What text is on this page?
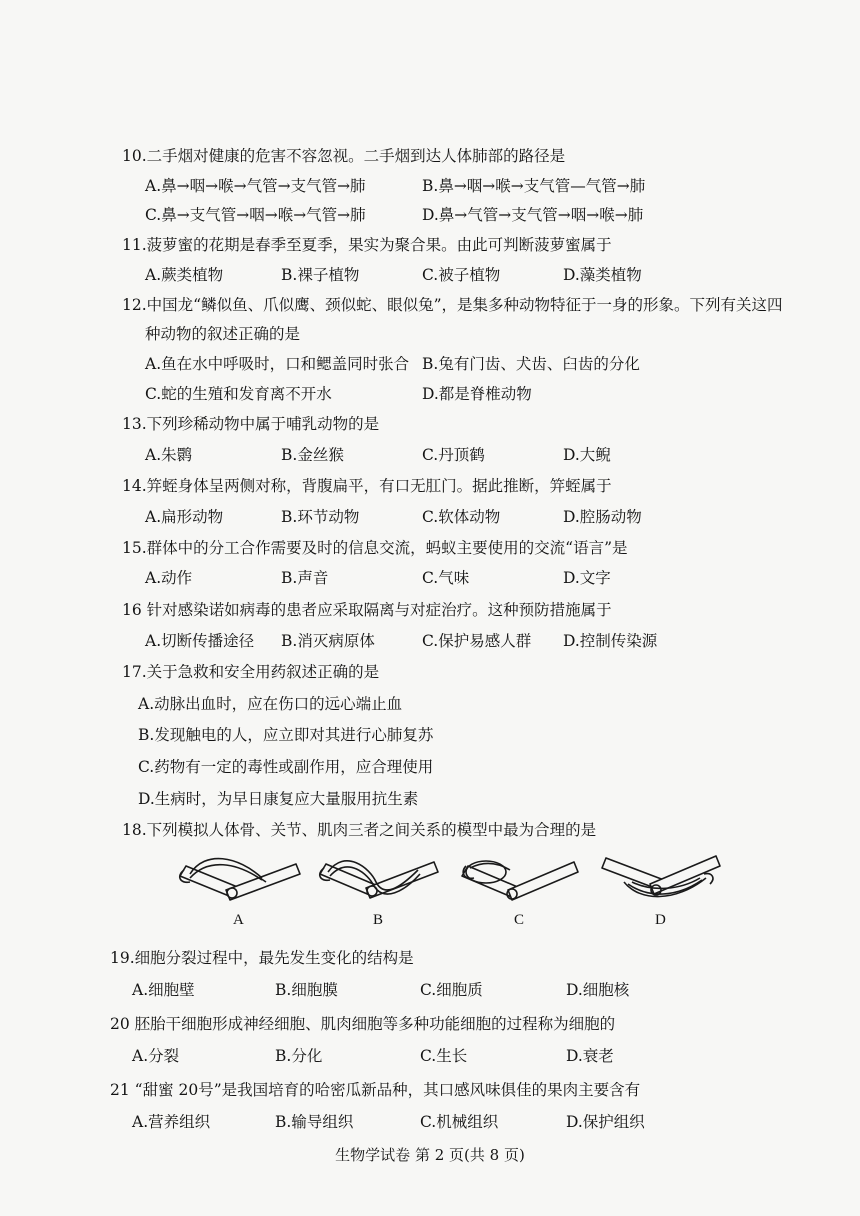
10.二手烟对健康的危害不容忽视。二手烟到达人体肺部的路径是
A.鼻→咽→喉→气管→支气管→肺	B.鼻→咽→喉→支气管—气管→肺
C.鼻→支气管→咽→喉→气管→肺	D.鼻→气管→支气管→咽→喉→肺
11.菠萝蜜的花期是春季至夏季，果实为聚合果。由此可判断菠萝蜜属于
A.蕨类植物	B.裸子植物	C.被子植物	D.藻类植物
12.中国龙“鳞似鱼、爪似鹰、颈似蛇、眼似兔”，是集多种动物特征于一身的形象。下列有关这四
种动物的叙述正确的是
A.鱼在水中呼吸时，口和鳃盖同时张合 B.兔有门齿、犬齿、臼齿的分化
C.蛇的生殖和发育离不开水	D.都是脊椎动物
13.下列珍稀动物中属于哺乳动物的是
A.朱鹮	B.金丝猴	C.丹顶鹤	D.大鲵
14.笄蛭身体呈两侧对称，背腹扁平，有口无肛门。据此推断，笄蛭属于
A.扁形动物	B.环节动物	C.软体动物	D.腔肠动物
15.群体中的分工合作需要及时的信息交流，蚂蚁主要使用的交流“语言”是
A.动作	B.声音	C.气味	D.文字
16 针对感染诺如病毒的患者应采取隔离与对症治疗。这种预防措施属于
A.切断传播途径 B.消灭病原体	C.保护易感人群 D.控制传染源
17.关于急救和安全用药叙述正确的是
A.动脉出血时，应在伤口的远心端止血
B.发现触电的人，应立即对其进行心肺复苏
C.药物有一定的毒性或副作用，应合理使用
D.生病时，为早日康复应大量服用抗生素
18.下列模拟人体骨、关节、肌肉三者之间关系的模型中最为合理的是
A	B	C	D
19.细胞分裂过程中，最先发生变化的结构是
A.细胞壁	B.细胞膜	C.细胞质	D.细胞核
20 胚胎干细胞形成神经细胞、肌肉细胞等多种功能细胞的过程称为细胞的
A.分裂	B.分化	C.生长	D.衰老
21 “甜蜜 20号”是我国培育的哈密瓜新品种，其口感风味俱佳的果肉主要含有
A.营养组织	B.输导组织	C.机械组织	D.保护组织
生物学试卷 第 2 页(共 8 页)
